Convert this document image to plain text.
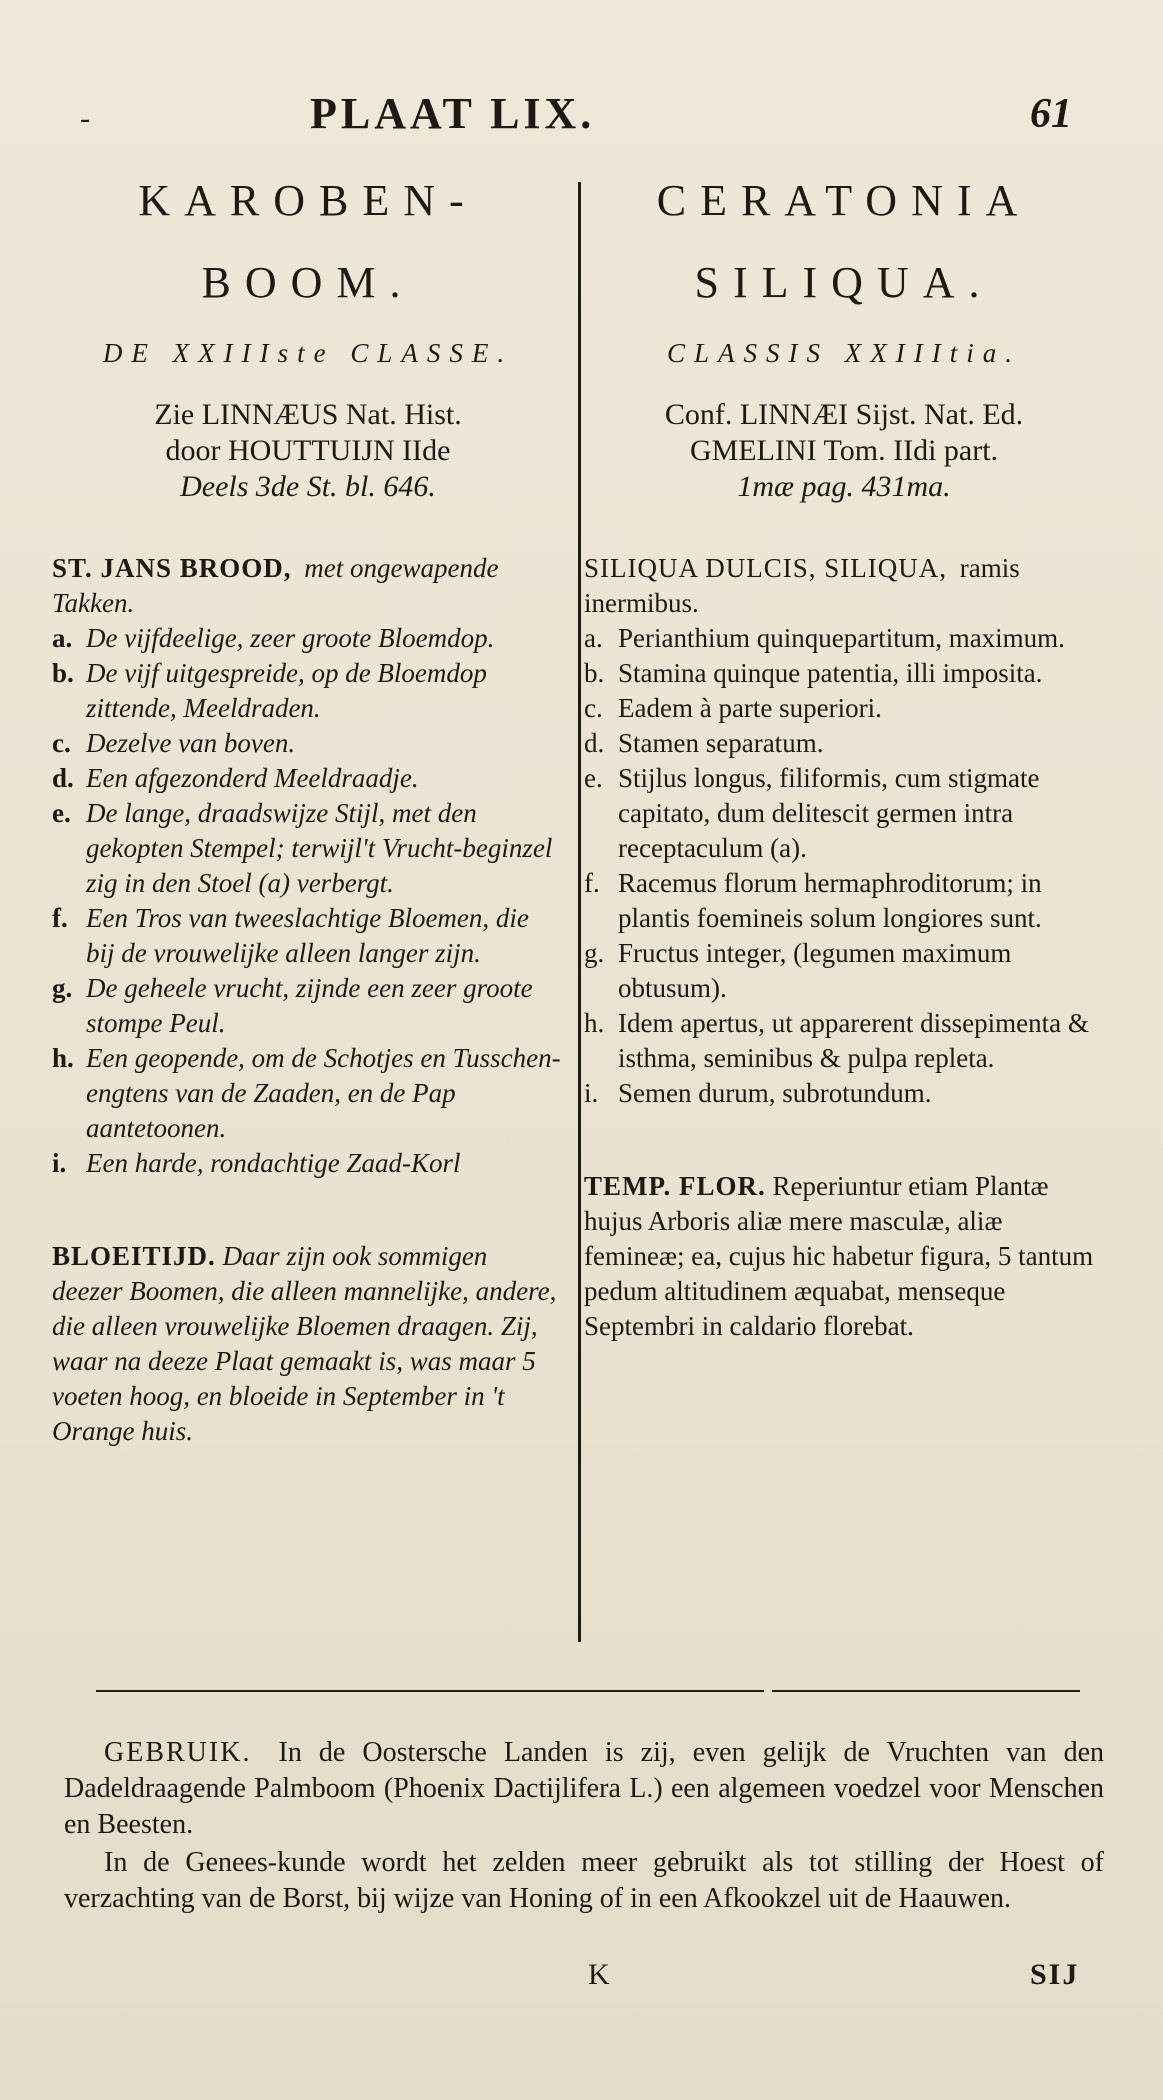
-	PLAAT LIX.	61
KAROBEN-
BOOM.
DE XXIIIste CLASSE.
Zie LINNÆUS Nat. Hist.
door HOUTTUIJN IIde
Deels 3de St. bl. 646.
ST. JANS BROOD, met ongewapende Takken.
a. De vijfdeelige, zeer groote Bloemdop.
b. De vijf uitgespreide, op de Bloemdop zittende, Meeldraden.
c. Dezelve van boven.
d. Een afgezonderd Meeldraadje.
e. De lange, draadswijze Stijl, met den gekopten Stempel; terwijl't Vrucht-beginzel zig in den Stoel (a) verbergt.
f. Een Tros van tweeslachtige Bloemen, die bij de vrouwelijke alleen langer zijn.
g. De geheele vrucht, zijnde een zeer groote stompe Peul.
h. Een geopende, om de Schotjes en Tusschen-engtens van de Zaaden, en de Pap aantetoonen.
i. Een harde, rondachtige Zaad-Korl
BLOEITIJD. Daar zijn ook sommigen deezer Boomen, die alleen mannelijke, andere, die alleen vrouwelijke Bloemen draagen. Zij, waar na deeze Plaat gemaakt is, was maar 5 voeten hoog, en bloeide in September in 't Orange huis.
CERATONIA
SILIQUA.
CLASSIS XXIIItia.
Conf. LINNÆI Sijst. Nat. Ed.
GMELINI Tom. IIdi part.
1mæ pag. 431ma.
SILIQUA DULCIS, SILIQUA, ramis inermibus.
a. Perianthium quinquepartitum, maximum.
b. Stamina quinque patentia, illi imposita.
c. Eadem à parte superiori.
d. Stamen separatum.
e. Stijlus longus, filiformis, cum stigmate capitato, dum delitescit germen intra receptaculum (a).
f. Racemus florum hermaphroditorum; in plantis foemineis solum longiores sunt.
g. Fructus integer, (legumen maximum obtusum).
h. Idem apertus, ut apparerent dissepimenta & isthma, seminibus & pulpa repleta.
i. Semen durum, subrotundum.
TEMP. FLOR. Reperiuntur etiam Plantæ hujus Arboris aliæ mere masculæ, aliæ femineæ; ea, cujus hic habetur figura, 5 tantum pedum altitudinem æquabat, menseque Septembri in caldario florebat.

GEBRUIK. In de Oostersche Landen is zij, even gelijk de Vruchten van den Dadeldraagende Palmboom (Phoenix Dactijlifera L.) een algemeen voedzel voor Menschen en Beesten.

In de Genees-kunde wordt het zelden meer gebruikt als tot stilling der Hoest of verzachting van de Borst, bij wijze van Honing of in een Afkookzel uit de Haauwen.

K	SIJ
